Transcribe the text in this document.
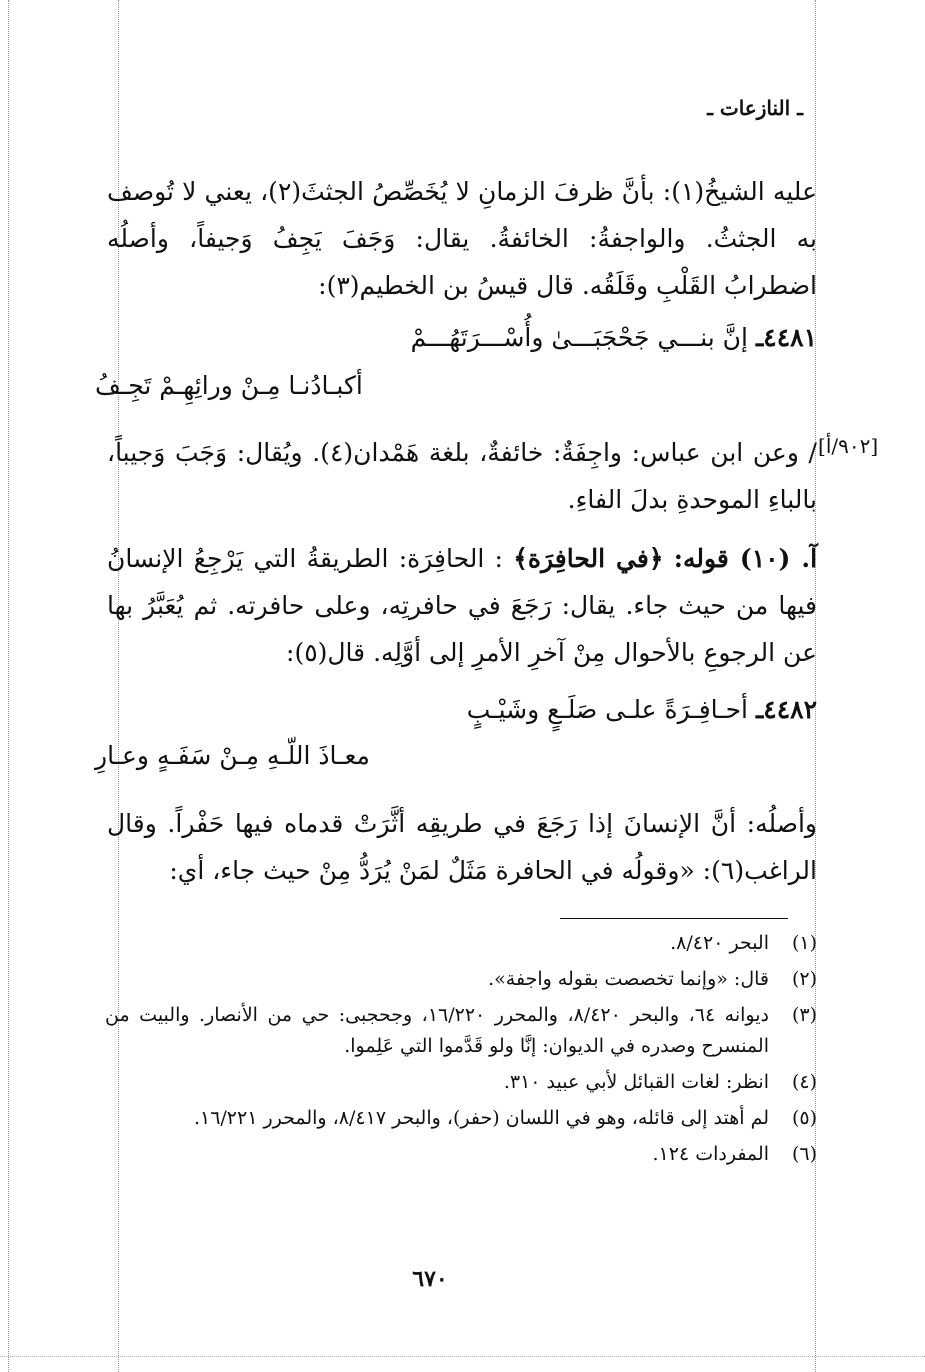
ـ النازعات ـ
عليه الشيخُ(١): بأنَّ ظرفَ الزمانِ لا يُخَصِّصُ الجثثَ(٢)، يعني لا تُوصف به الجثثُ. والواجفةُ: الخائفةُ. يقال: وَجَفَ يَجِفُ وَجيفاً، وأصلُه اضطرابُ القَلْبِ وقَلَقُه. قال قيسُ بن الخطيم(٣):
٤٤٨١ـ إنَّ بنـــي جَحْجَبَـــىٰ وأُسْـــرَتَهُـــمْ
أكبـادُنـا مِـنْ ورائِهِـمْ تَجِـفُ
[٩٠٢/أ]
/ وعن ابن عباس: واجِفَةٌ: خائفةٌ، بلغة هَمْدان(٤). ويُقال: وَجَبَ وَجيباً، بالباءِ الموحدةِ بدلَ الفاءِ.
آ. (١٠) قوله: ﴿في الحافِرَة﴾ : الحافِرَة: الطريقةُ التي يَرْجِعُ الإنسانُ فيها من حيث جاء. يقال: رَجَعَ في حافرتِه، وعلى حافرته. ثم يُعَبَّرُ بها عن الرجوعِ بالأحوال مِنْ آخرِ الأمرِ إلى أوَّلِه. قال(٥):
٤٤٨٢ـ أحـافِـرَةً علـى صَلَـعٍ وشَيْـبٍ
معـاذَ اللّـهِ مِـنْ سَفَـهٍ وعـارِ
وأصلُه: أنَّ الإنسانَ إذا رَجَعَ في طريقِه أثَّرَتْ قدماه فيها حَفْراً. وقال الراغب(٦): «وقولُه في الحافرة مَثَلٌ لمَنْ يُرَدُّ مِنْ حيث جاء، أي:
(١)
البحر ٨/٤٢٠.
(٢)
قال: «وإنما تخصصت بقوله واجفة».
(٣)
ديوانه ٦٤، والبحر ٨/٤٢٠، والمحرر ١٦/٢٢٠، وجحجبى: حي من الأنصار. والبيت من المنسرح وصدره في الديوان: إنَّا ولو قَدَّموا التي عَلِموا.
(٤)
انظر: لغات القبائل لأبي عبيد ٣١٠.
(٥)
لم أهتد إلى قائله، وهو في اللسان (حفر)، والبحر ٨/٤١٧، والمحرر ١٦/٢٢١.
(٦)
المفردات ١٢٤.
٦٧٠
